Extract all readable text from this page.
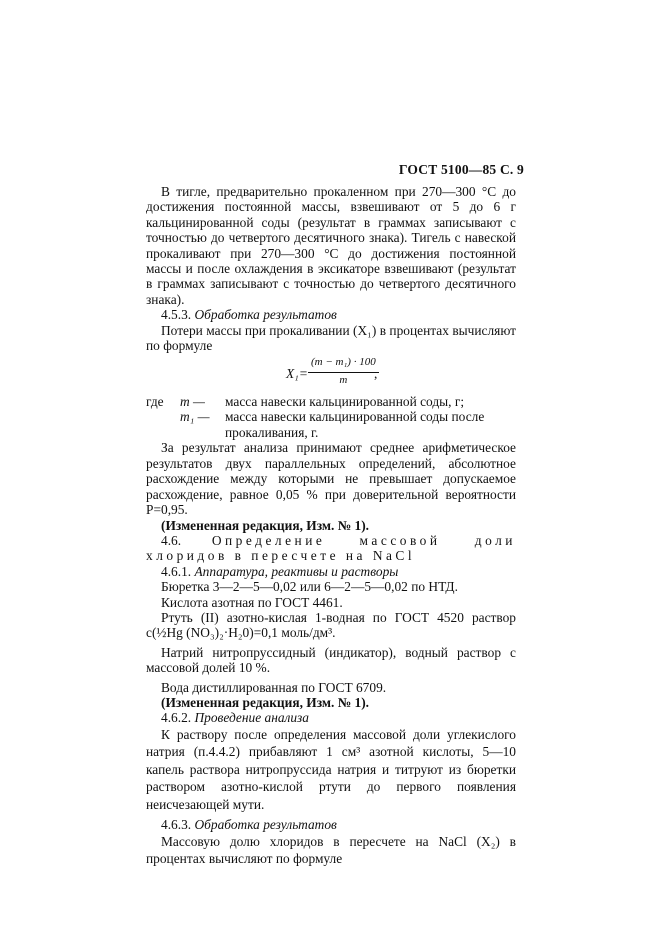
ГОСТ 5100—85 С. 9
В тигле, предварительно прокаленном при 270—300 °С до достижения постоянной массы, взвешивают от 5 до 6 г кальцинированной соды (результат в граммах записывают с точностью до четвертого десятичного знака). Тигель с навеской прокаливают при 270—300 °С до достижения постоянной массы и после охлаждения в эксикаторе взвешивают (результат в граммах записывают с точностью до четвертого десятичного знака).
4.5.3. Обработка результатов
Потери массы при прокаливании (X₁) в процентах вычисляют по формуле
$X_1= \frac{\text{(m − m₁) · 100}}{m}$
,
где m — масса навески кальцинированной соды, г;
m₁ — масса навески кальцинированной соды после прокаливания, г.
За результат анализа принимают среднее арифметическое результатов двух параллельных определений, абсолютное расхождение между которыми не превышает допускаемое расхождение, равное 0,05 % при доверительной вероятности P=0,95.
(Измененная редакция, Изм. № 1).
4.6. Определение массовой доли хлоридов в пересчете на NaCl
4.6.1. Аппаратура, реактивы и растворы
Бюретка 3—2—5—0,02 или 6—2—5—0,02 по НТД.
Кислота азотная по ГОСТ 4461.
Ртуть (II) азотно-кислая 1-водная по ГОСТ 4520 раствор c(½Hg (NO₃)₂·H₂0)=0,1 моль/дм³.
Натрий нитропруссидный (индикатор), водный раствор с массовой долей 10 %.
Вода дистиллированная по ГОСТ 6709.
(Измененная редакция, Изм. № 1).
4.6.2. Проведение анализа
К раствору после определения массовой доли углекислого натрия (п.4.4.2) прибавляют 1 см³ азотной кислоты, 5—10 капель раствора нитропруссида натрия и титруют из бюретки раствором азотно-кислой ртути до первого появления неисчезающей мути.
4.6.3. Обработка результатов
Массовую долю хлоридов в пересчете на NaCl (X₂) в процентах вычисляют по формуле
